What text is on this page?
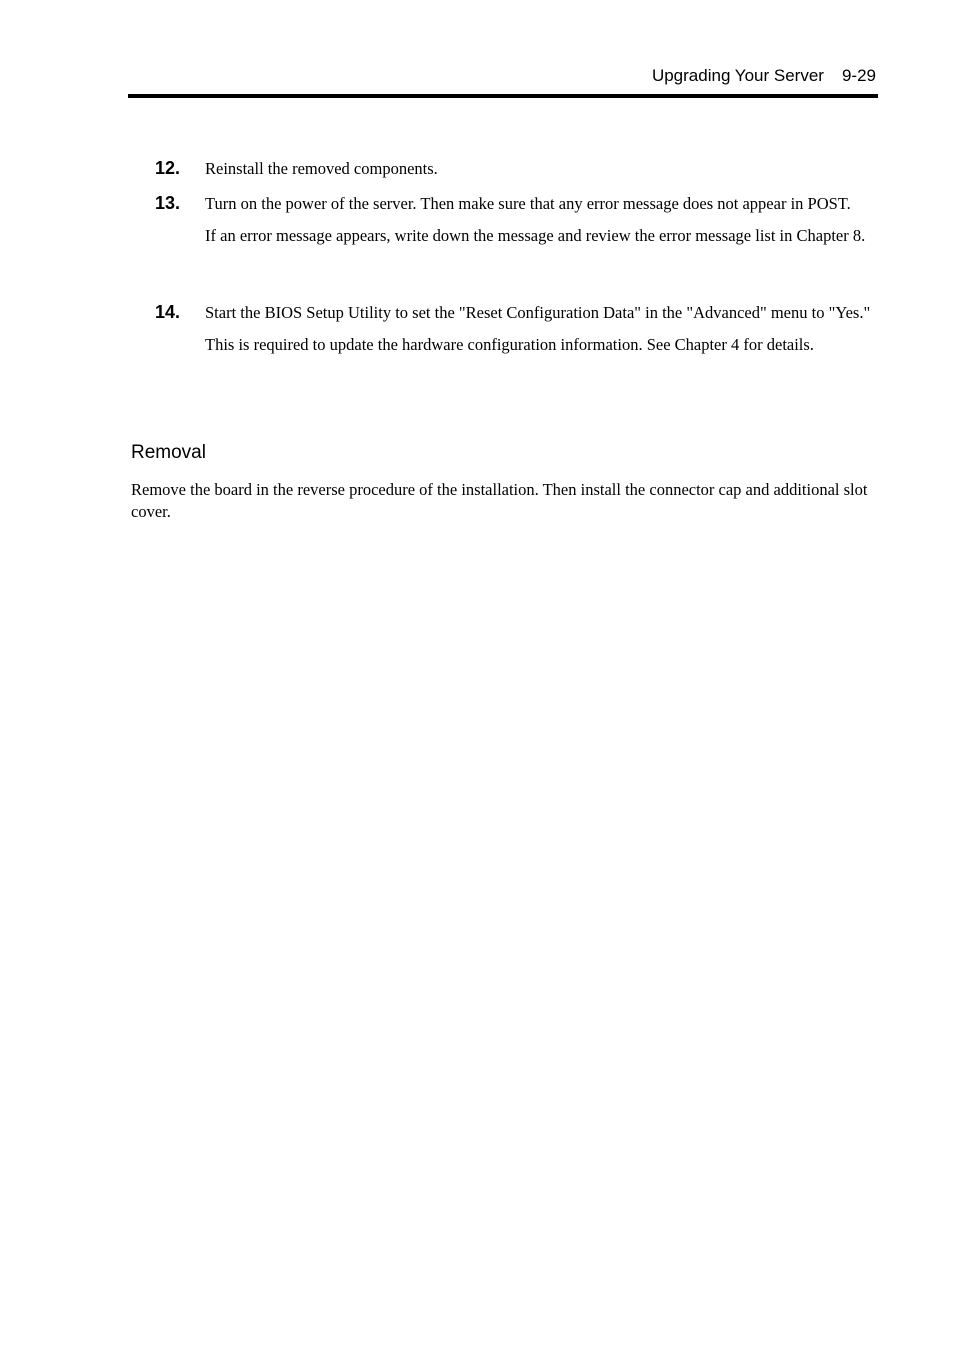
Upgrading Your Server 9-29
12. Reinstall the removed components.

13. Turn on the power of the server. Then make sure that any error message does not appear in POST.

If an error message appears, write down the message and review the error message list in Chapter 8.

14. Start the BIOS Setup Utility to set the "Reset Configuration Data" in the "Advanced" menu to "Yes."

This is required to update the hardware configuration information. See Chapter 4 for details.

Removal

Remove the board in the reverse procedure of the installation. Then install the connector cap and additional slot cover.
